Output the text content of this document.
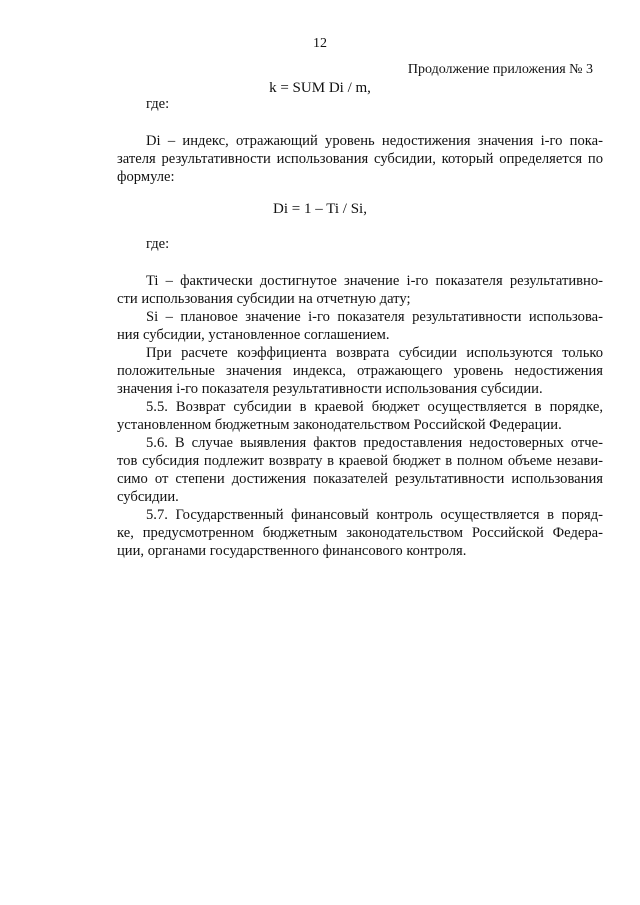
12
Продолжение приложения № 3
k = SUM Di / m,
где:
Di – индекс, отражающий уровень недостижения значения i-го пока-
зателя результативности использования субсидии, который определяется по
формуле:
Di = 1 – Ti / Si,
где:
Ti – фактически достигнутое значение i-го показателя результативно-
сти использования субсидии на отчетную дату;
Si – плановое значение i-го показателя результативности использова-
ния субсидии, установленное соглашением.
При расчете коэффициента возврата субсидии используются только
положительные значения индекса, отражающего уровень недостижения
значения i-го показателя результативности использования субсидии.
5.5. Возврат субсидии в краевой бюджет осуществляется в порядке,
установленном бюджетным законодательством Российской Федерации.
5.6. В случае выявления фактов предоставления недостоверных отче-
тов субсидия подлежит возврату в краевой бюджет в полном объеме незави-
симо от степени достижения показателей результативности использования
субсидии.
5.7. Государственный финансовый контроль осуществляется в поряд-
ке, предусмотренном бюджетным законодательством Российской Федера-
ции, органами государственного финансового контроля.
